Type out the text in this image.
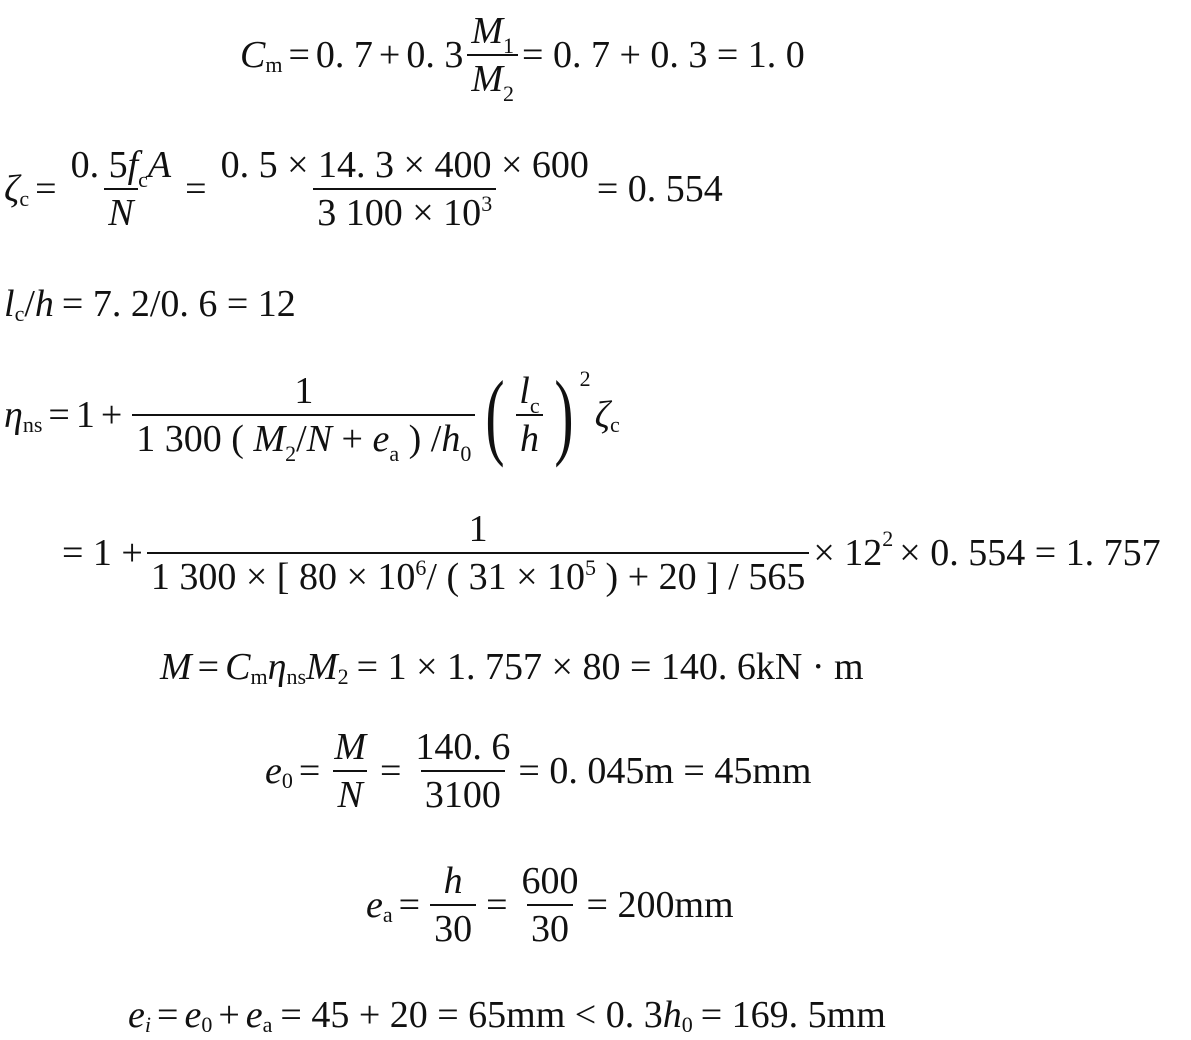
C m = 0. 7 + 0. $3 \frac{M_1}{M_2} = 0$. 7 + 0. 3 = 1. 0
ζ $c = \frac{0. 5f_cA}{N} = \frac{0. 5 \times 14. 3 \times 400 \times 600}{3 100 \times 10^3} = 0$. 554
l c / h = 7. 2/0. 6 = 12
η ns = $1 + \frac{1}{1 300 ( M_2/N + e_a ) /h_0}$ ( $\frac{l_c}{h}$ ) 2
ζ c
= $1 + \frac{1}{1 300 \times [ 80 \times 10^6/ ( 31 \times 10^5 ) + 20 ] / 565} \times 12$ 2 × 0. 554 = 1. 757
M = C m η ns M 2 = 1 × 1. 757 × 80 = 140. 6kN · m
e $0 = \frac{M}{N} = \frac{140. 6}{3100} = 0$. 045m = 45mm
e $a = \frac{h}{30} = \frac{600}{30} = 200mm$
e i = e 0 + e a = 45 + 20 = 65mm < 0. 3 h 0 = 169. 5mm
